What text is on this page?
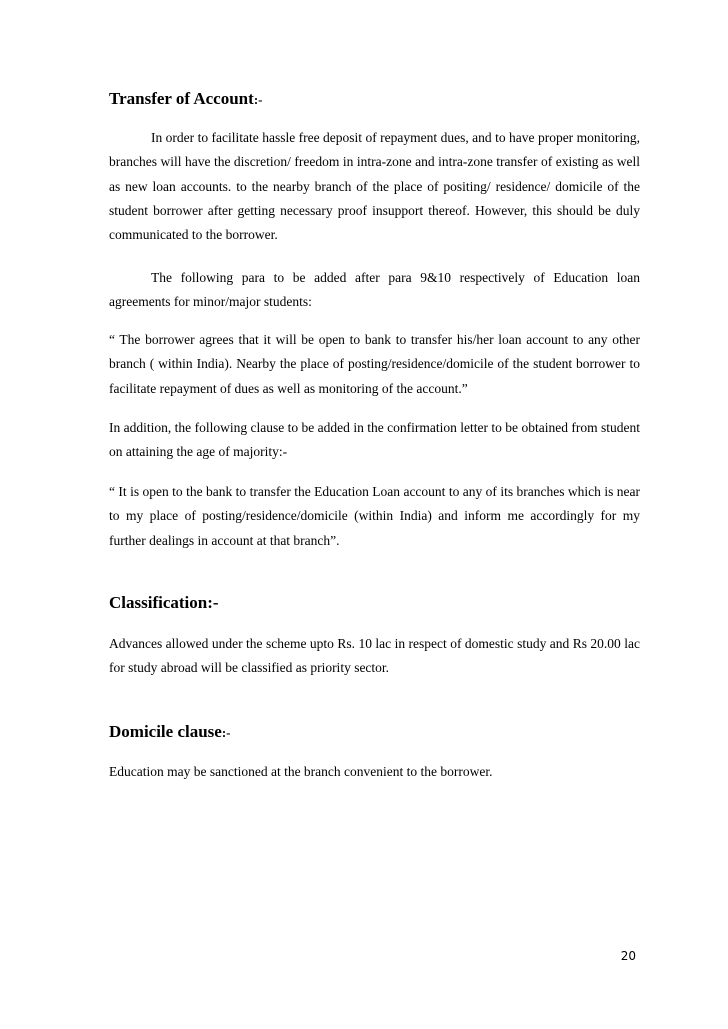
Transfer of Account:-

In order to facilitate hassle free deposit of repayment dues, and to have proper monitoring, branches will have the discretion/ freedom in intra-zone and intra-zone transfer of existing as well as new loan accounts. to the nearby branch of the place of positing/ residence/ domicile of the student borrower after getting necessary proof insupport thereof. However, this should be duly communicated to the borrower.

The following para to be added after para 9&10 respectively of Education loan agreements for minor/major students:

“ The borrower agrees that it will be open to bank to transfer his/her loan account to any other branch ( within India). Nearby the place of posting/residence/domicile of the student borrower to facilitate repayment of dues as well as monitoring of the account.”

In addition, the following clause to be added in the confirmation letter to be obtained from student on attaining the age of majority:-

“ It is open to the bank to transfer the Education Loan account to any of its branches which is near to my place of posting/residence/domicile (within India) and inform me accordingly for my further dealings in account at that branch”.

Classification:-

Advances allowed under the scheme upto Rs. 10 lac in respect of domestic study and Rs 20.00 lac for study abroad will be classified as priority sector.

Domicile clause:-

Education may be sanctioned at the branch convenient to the borrower.

20
